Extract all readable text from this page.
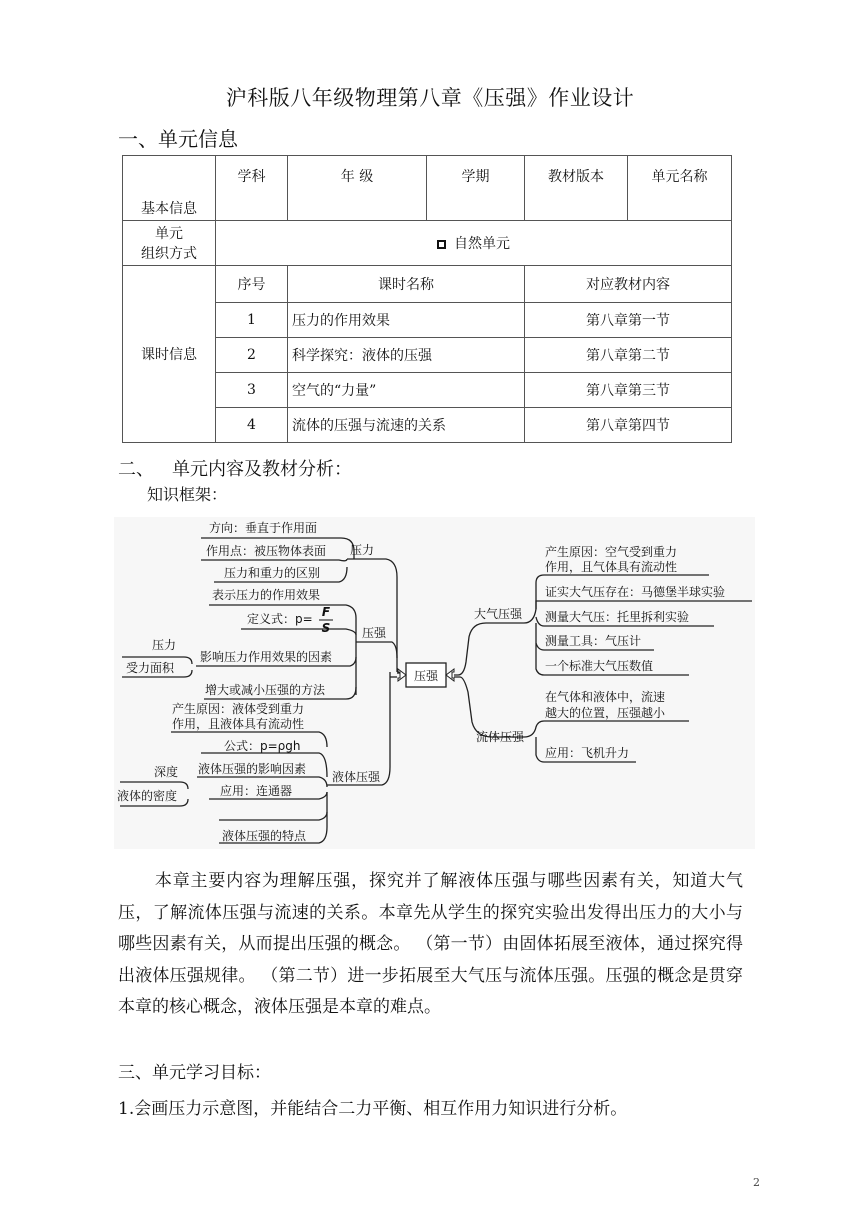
沪科版八年级物理第八章《压强》作业设计
一、单元信息
基本信息	学科	年 级	学期	教材版本	单元名称

单元
组织方式	自然单元				
课时信息	序号	课时名称		对应教材内容	
	1	压力的作用效果		第八章第一节	
	2	科学探究：液体的压强		第八章第二节	
	3	空气的“力量”		第八章第三节	
	4	流体的压强与流速的关系		第八章第四节	
二、 单元内容及教材分析：
知识框架：
压强
方向：垂直于作用面
作用点：被压物体表面
压力和重力的区别
压力
表示压力的作用效果
定义式：p= F
S
影响压力作用效果的因素
压力
受力面积
增大或减小压强的方法
压强
产生原因：液体受到重力
作用，且液体具有流动性
公式：p=ρgh
深度 液体压强的影响因素
液体的密度	应用：连通器
液体压强的特点
液体压强
产生原因：空气受到重力
作用，且气体具有流动性
证实大气压存在：马德堡半球实验
测量大气压：托里拆利实验
测量工具：气压计
一个标准大气压数值
大气压强
在气体和液体中，流速
越大的位置，压强越小
应用：飞机升力
流体压强
本章主要内容为理解压强，探究并了解液体压强与哪些因素有关，知道大气压，了解流体压强与流速的关系。本章先从学生的探究实验出发得出压力的大小与哪些因素有关，从而提出压强的概念。 （第一节）由固体拓展至液体，通过探究得出液体压强规律。 （第二节）进一步拓展至大气压与流体压强。压强的概念是贯穿本章的核心概念，液体压强是本章的难点。
三、单元学习目标：
1.会画压力示意图，并能结合二力平衡、相互作用力知识进行分析。
2
